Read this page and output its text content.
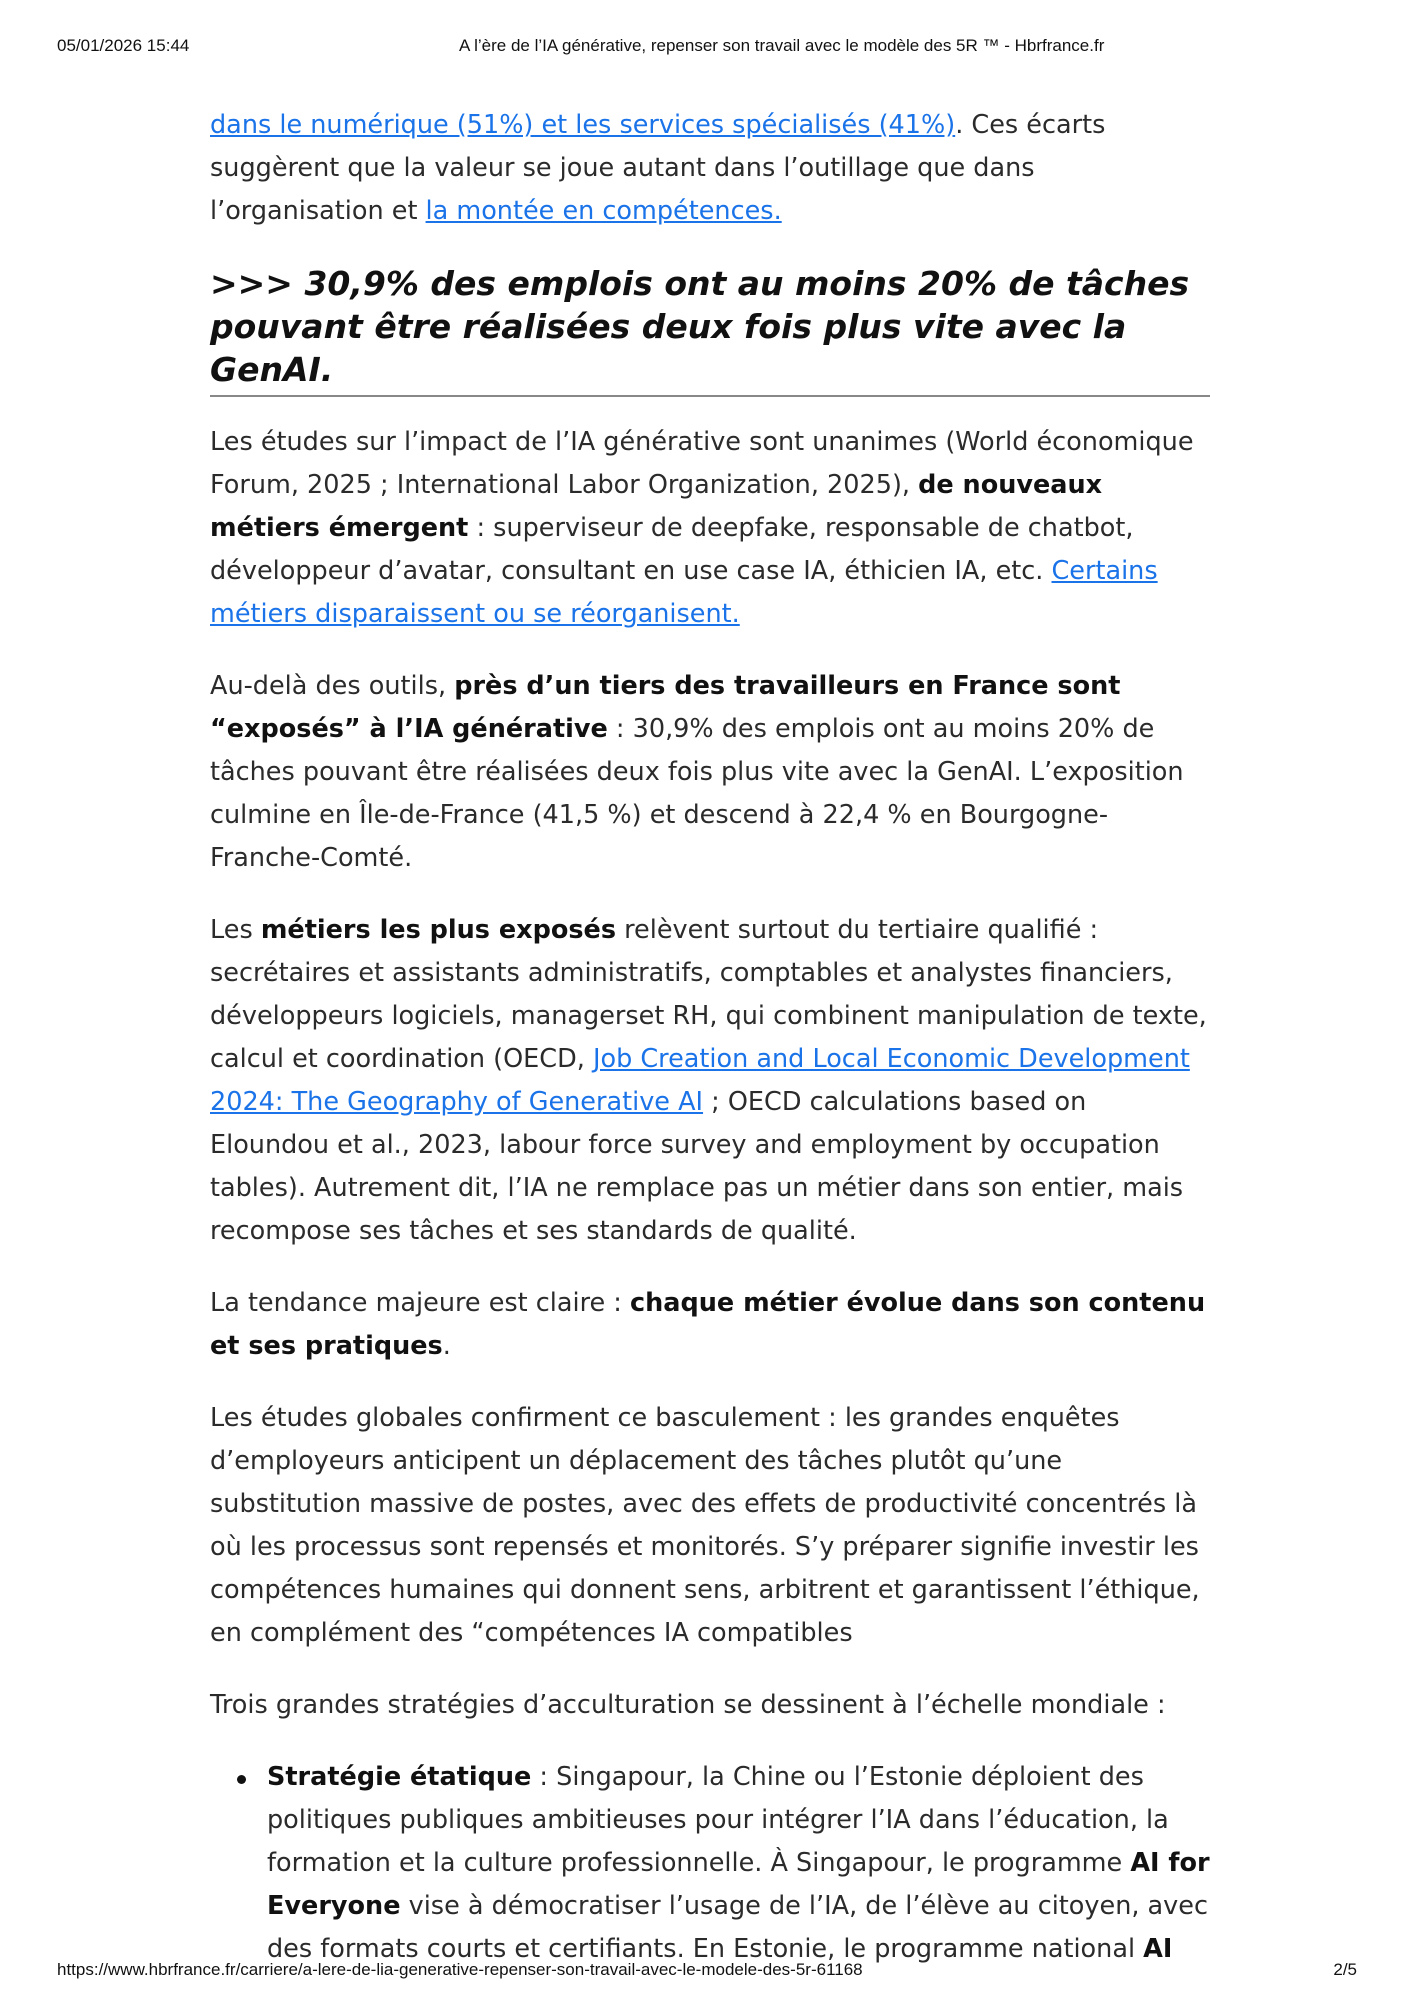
05/01/2026 15:44	A l’ère de l’IA générative, repenser son travail avec le modèle des 5R ™ - Hbrfrance.fr

dans le numérique (51%) et les services spécialisés (41%). Ces écarts suggèrent que la valeur se joue autant dans l’outillage que dans l’organisation et la montée en compétences.

>>> 30,9% des emplois ont au moins 20% de tâches pouvant être réalisées deux fois plus vite avec la GenAI.

Les études sur l’impact de l’IA générative sont unanimes (World économique Forum, 2025 ; International Labor Organization, 2025), de nouveaux métiers émergent : superviseur de deepfake, responsable de chatbot, développeur d’avatar, consultant en use case IA, éthicien IA, etc. Certains métiers disparaissent ou se réorganisent.

Au-delà des outils, près d’un tiers des travailleurs en France sont “exposés” à l’IA générative : 30,9% des emplois ont au moins 20% de tâches pouvant être réalisées deux fois plus vite avec la GenAI. L’exposition culmine en Île-de-France (41,5 %) et descend à 22,4 % en Bourgogne-Franche-Comté.

Les métiers les plus exposés relèvent surtout du tertiaire qualifié : secrétaires et assistants administratifs, comptables et analystes financiers, développeurs logiciels, managerset RH, qui combinent manipulation de texte, calcul et coordination (OECD, Job Creation and Local Economic Development 2024: The Geography of Generative AI ; OECD calculations based on Eloundou et al., 2023, labour force survey and employment by occupation tables). Autrement dit, l’IA ne remplace pas un métier dans son entier, mais recompose ses tâches et ses standards de qualité.

La tendance majeure est claire : chaque métier évolue dans son contenu et ses pratiques.

Les études globales confirment ce basculement : les grandes enquêtes d’employeurs anticipent un déplacement des tâches plutôt qu’une substitution massive de postes, avec des effets de productivité concentrés là où les processus sont repensés et monitorés. S’y préparer signifie investir les compétences humaines qui donnent sens, arbitrent et garantissent l’éthique, en complément des “compétences IA compatibles

Trois grandes stratégies d’acculturation se dessinent à l’échelle mondiale :

Stratégie étatique : Singapour, la Chine ou l’Estonie déploient des politiques publiques ambitieuses pour intégrer l’IA dans l’éducation, la formation et la culture professionnelle. À Singapour, le programme AI for Everyone vise à démocratiser l’usage de l’IA, de l’élève au citoyen, avec des formats courts et certifiants. En Estonie, le programme national AI
https://www.hbrfrance.fr/carriere/a-lere-de-lia-generative-repenser-son-travail-avec-le-modele-des-5r-61168	2/5
